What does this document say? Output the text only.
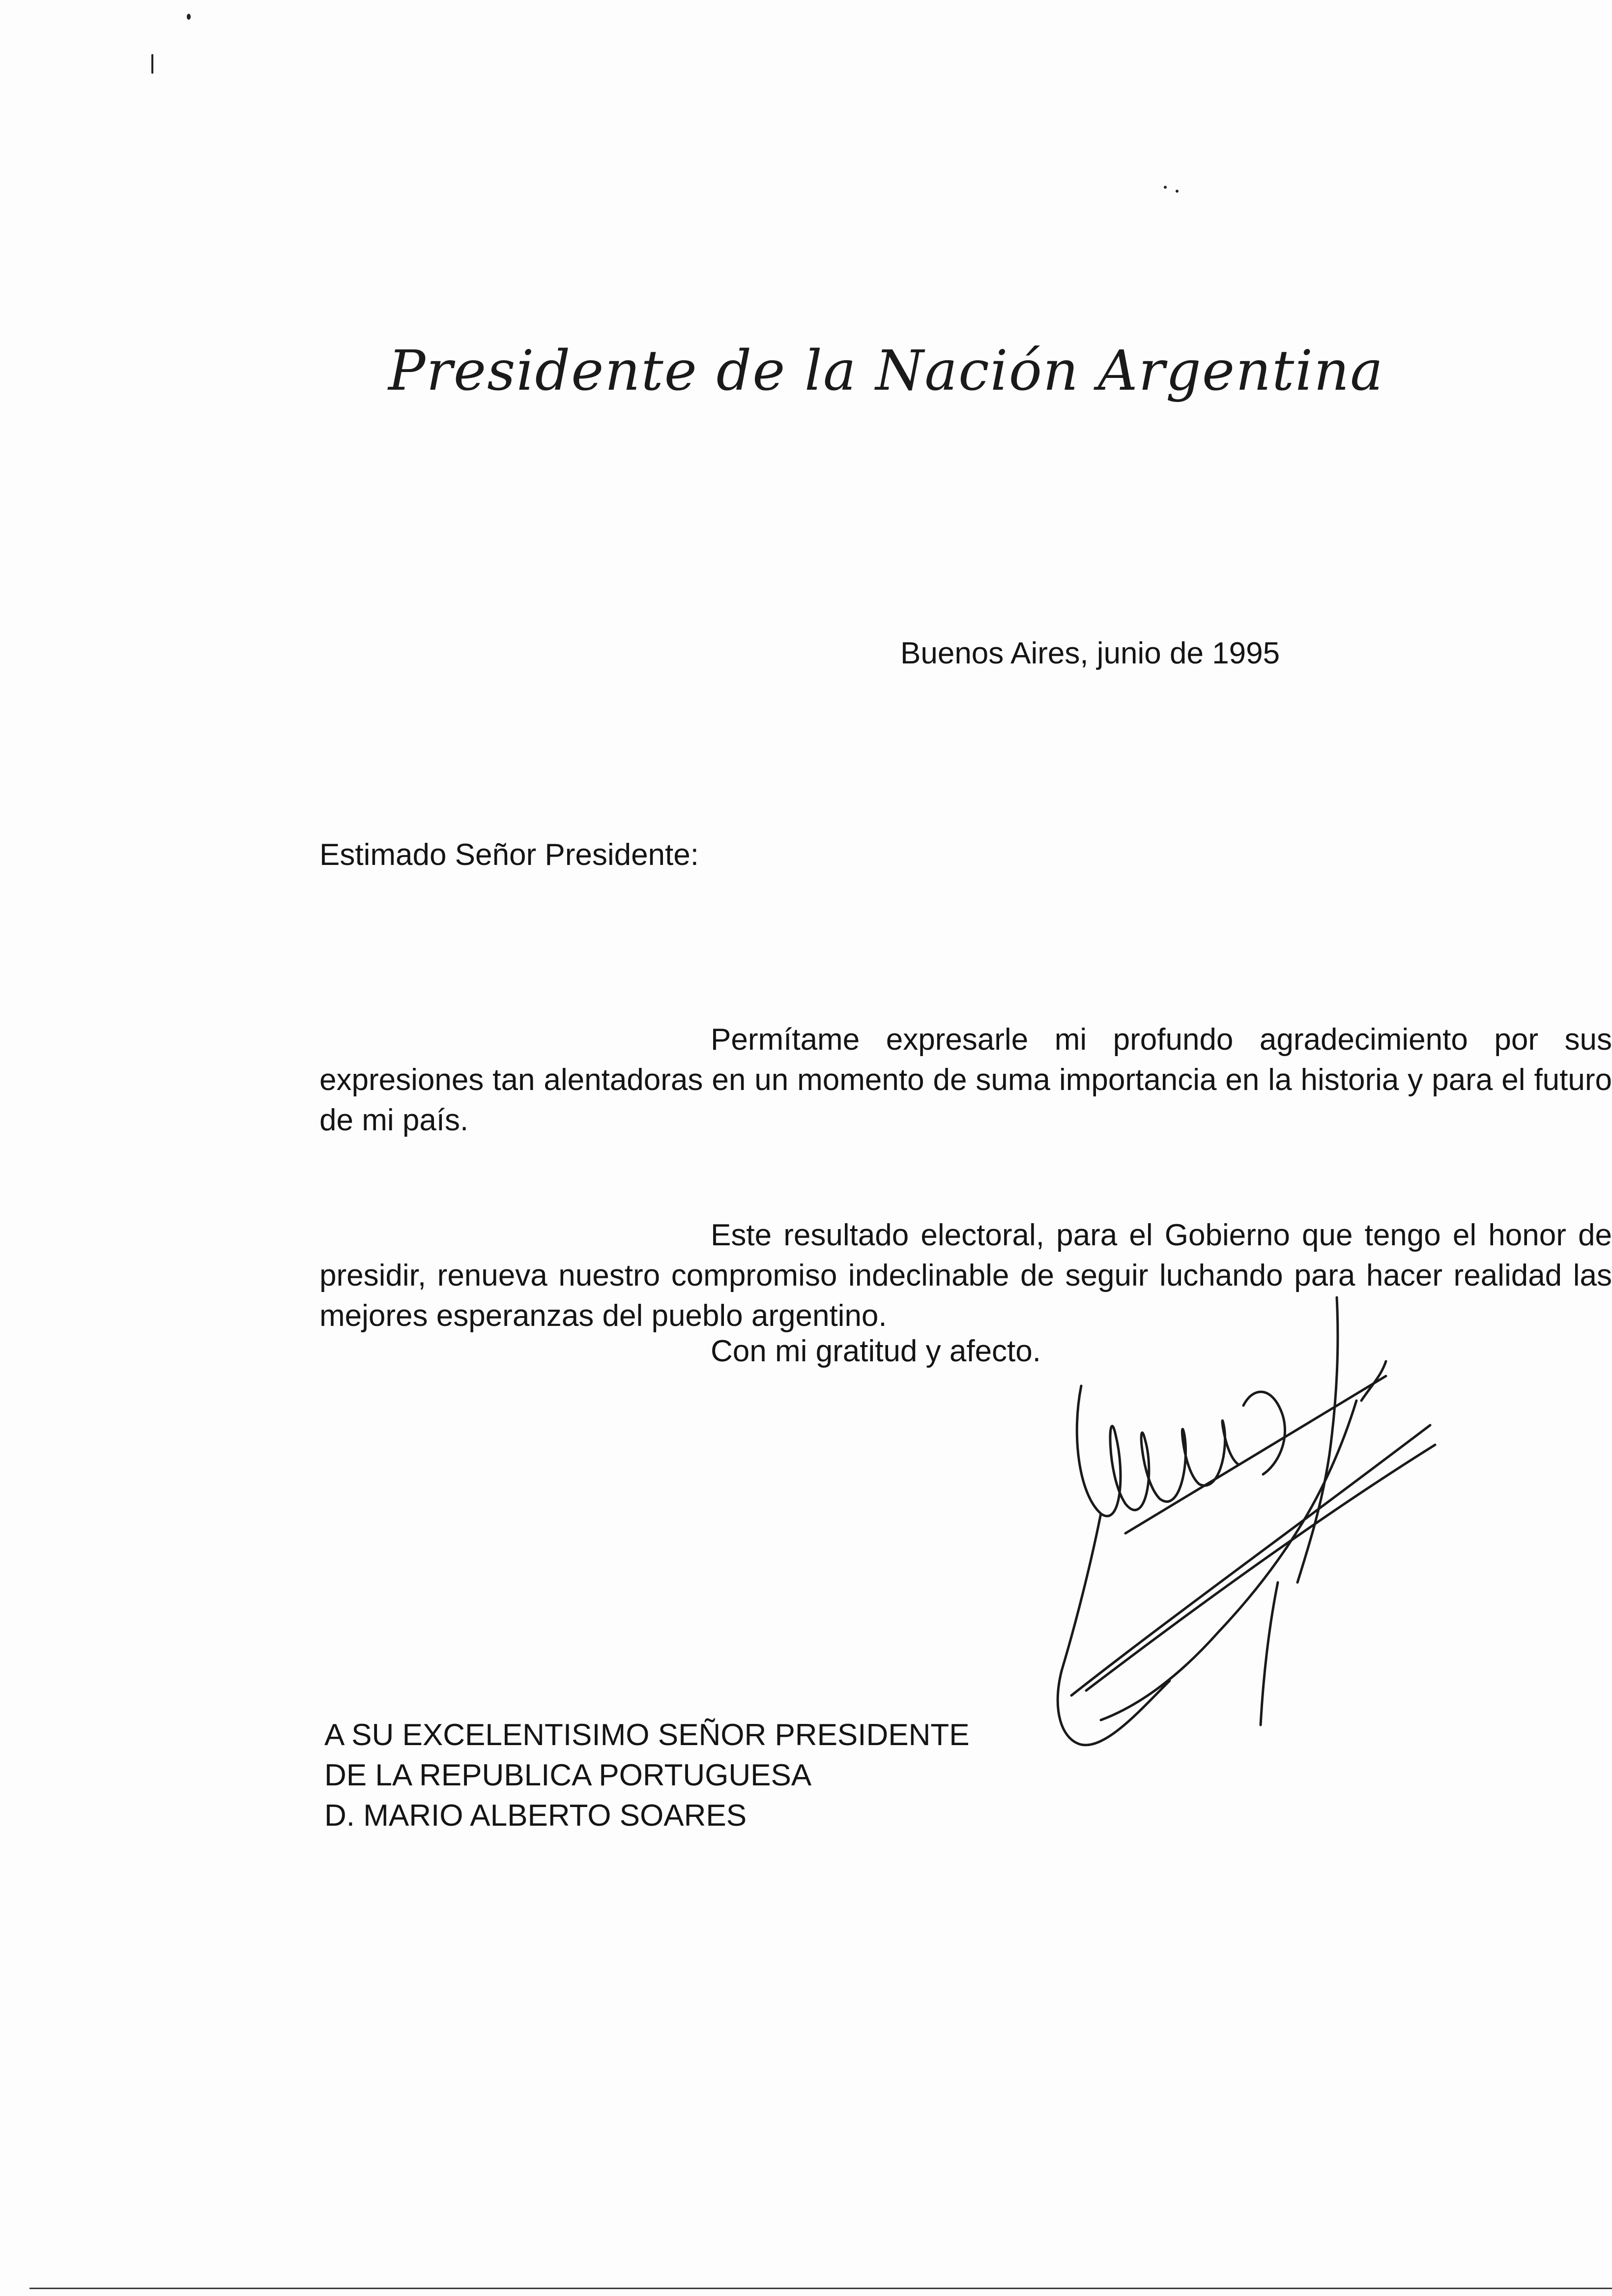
Presidente de la Nación Argentina
Buenos Aires, junio de 1995
Estimado Señor Presidente:
Permítame expresarle mi profundo agradecimiento por sus expresiones tan alentadoras en un momento de suma importancia en la historia y para el futuro de mi país.
Este resultado electoral, para el Gobierno que tengo el honor de presidir, renueva nuestro compromiso indeclinable de seguir luchando para hacer realidad las mejores esperanzas del pueblo argentino.
Con mi gratitud y afecto.
A SU EXCELENTISIMO SEÑOR PRESIDENTE
DE LA REPUBLICA PORTUGUESA
D. MARIO ALBERTO SOARES
